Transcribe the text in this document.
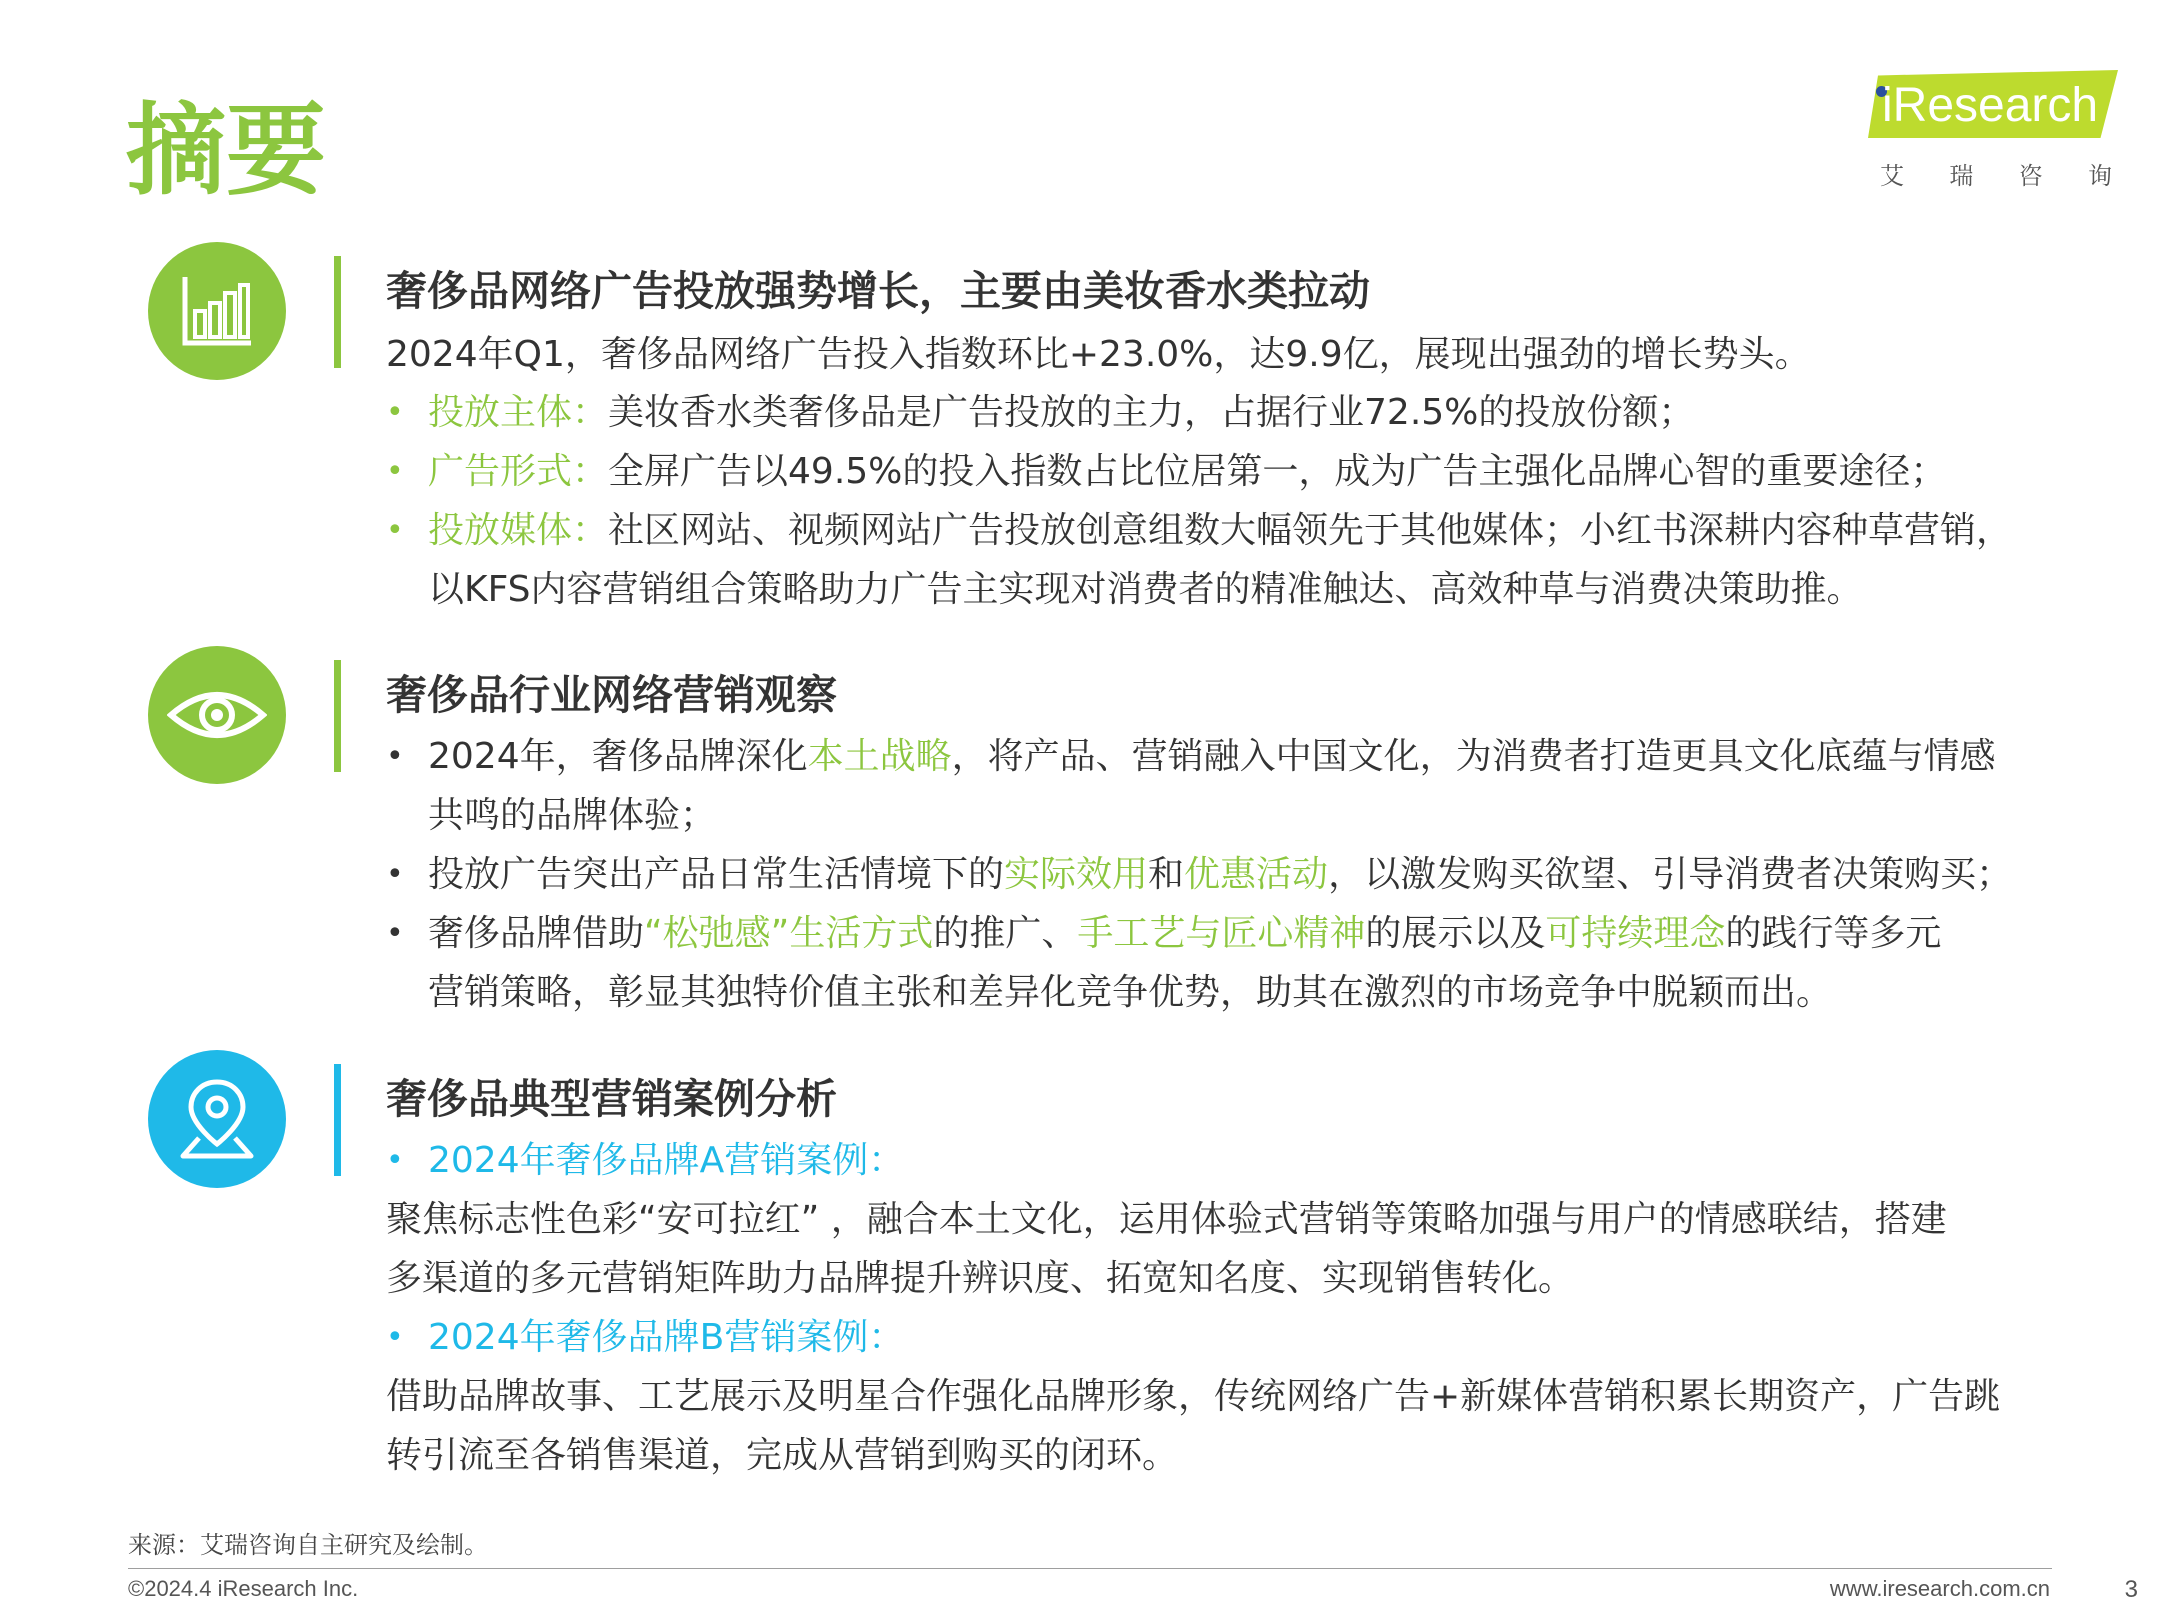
摘要	iResearch
艾 瑞 咨 询
奢侈品网络广告投放强势增长，主要由美妆香水类拉动
2024年Q1，奢侈品网络广告投入指数环比+23.0%，达9.9亿，展现出强劲的增长势头。
• 投放主体：美妆香水类奢侈品是广告投放的主力，占据行业72.5%的投放份额；
• 广告形式：全屏广告以49.5%的投入指数占比位居第一，成为广告主强化品牌心智的重要途径；
• 投放媒体：社区网站、视频网站广告投放创意组数大幅领先于其他媒体；小红书深耕内容种草营销，
以KFS内容营销组合策略助力广告主实现对消费者的精准触达、高效种草与消费决策助推。
奢侈品行业网络营销观察
• 2024年，奢侈品牌深化本土战略，将产品、营销融入中国文化，为消费者打造更具文化底蕴与情感
共鸣的品牌体验；
• 投放广告突出产品日常生活情境下的实际效用和优惠活动，以激发购买欲望、引导消费者决策购买；
• 奢侈品牌借助“松弛感”生活方式的推广、手工艺与匠心精神的展示以及可持续理念的践行等多元
营销策略，彰显其独特价值主张和差异化竞争优势，助其在激烈的市场竞争中脱颖而出。
奢侈品典型营销案例分析
• 2024年奢侈品牌A营销案例：
聚焦标志性色彩“安可拉红” ，融合本土文化，运用体验式营销等策略加强与用户的情感联结，搭建
多渠道的多元营销矩阵助力品牌提升辨识度、拓宽知名度、实现销售转化。
• 2024年奢侈品牌B营销案例：
借助品牌故事、工艺展示及明星合作强化品牌形象，传统网络广告+新媒体营销积累长期资产，广告跳
转引流至各销售渠道，完成从营销到购买的闭环。
来源：艾瑞咨询自主研究及绘制。
©2024.4 iResearch Inc.	www.iresearch.com.cn	3
